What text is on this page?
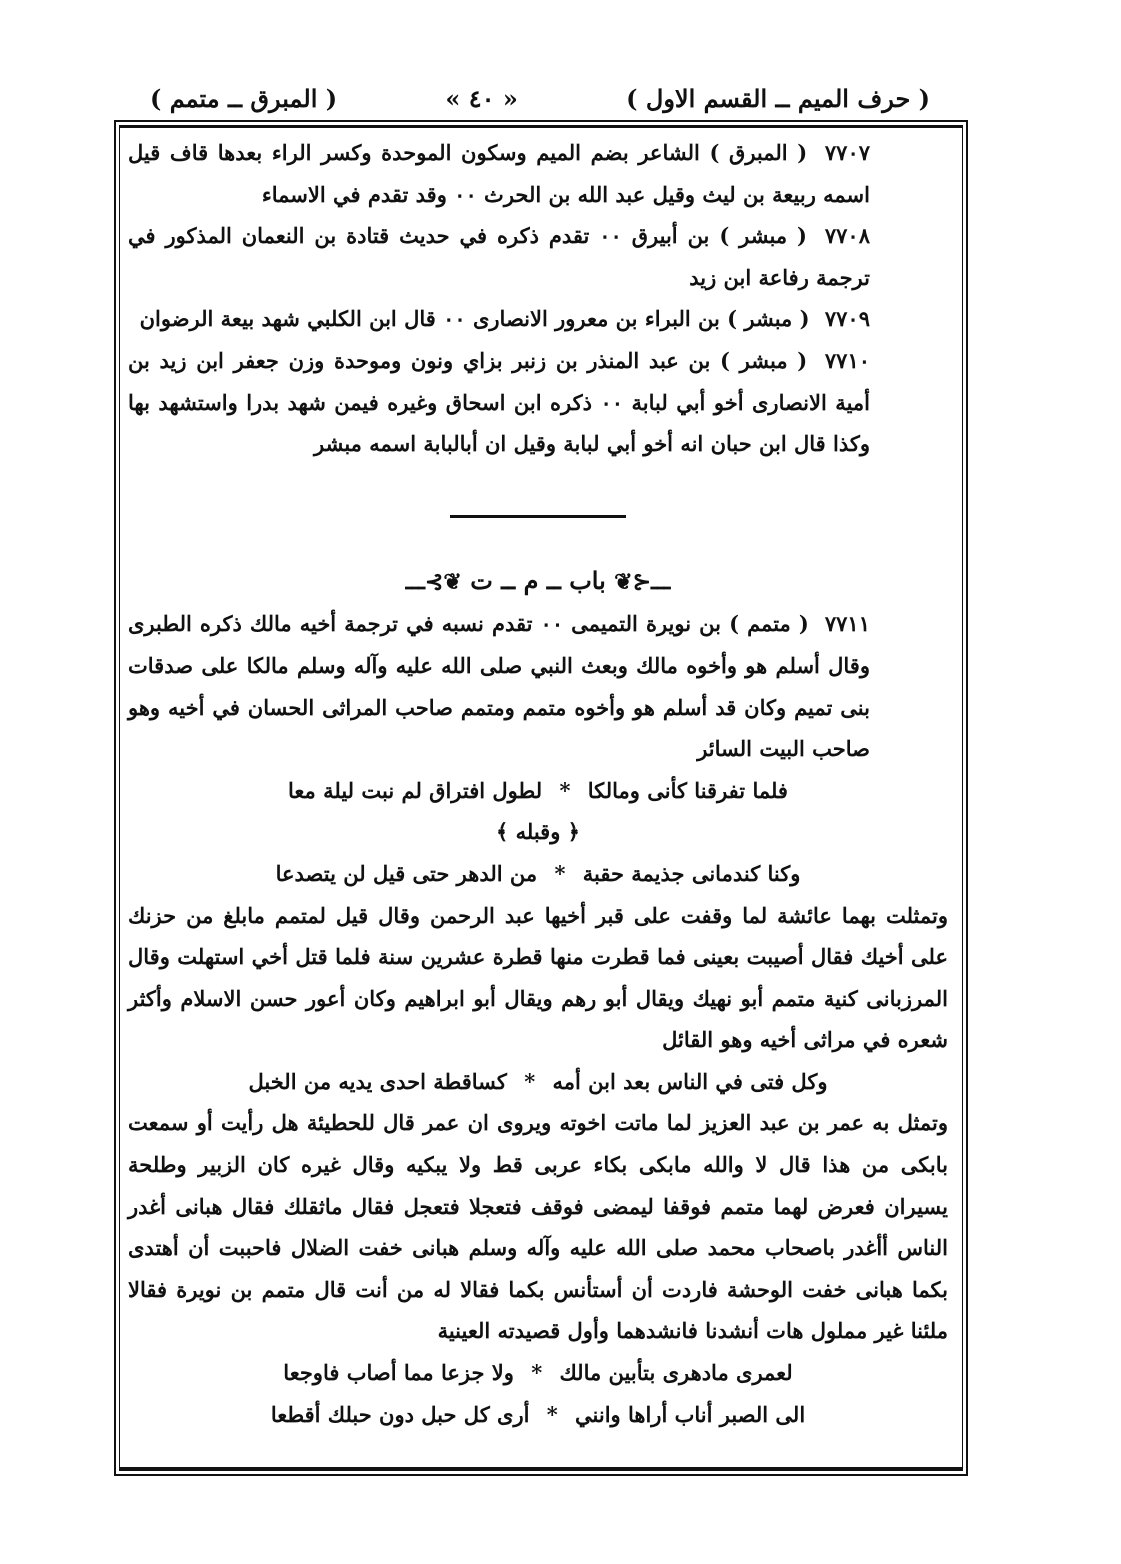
( حرف الميم ــ القسم الاول )
« ٤٠ »
( المبرق ــ متمم )

٧٧٠٧ ( المبرق ) الشاعر بضم الميم وسكون الموحدة وكسر الراء بعدها قاف قيل اسمه ربيعة بن ليث وقيل عبد الله بن الحرث ٠٠ وقد تقدم في الاسماء

٧٧٠٨ ( مبشر ) بن أبيرق ٠٠ تقدم ذكره في حديث قتادة بن النعمان المذكور في ترجمة رفاعة ابن زيد

٧٧٠٩ ( مبشر ) بن البراء بن معرور الانصارى ٠٠ قال ابن الكلبي شهد بيعة الرضوان

٧٧١٠ ( مبشر ) بن عبد المنذر بن زنبر بزاي ونون وموحدة وزن جعفر ابن زيد بن أمية الانصارى أخو أبي لبابة ٠٠ ذكره ابن اسحاق وغيره فيمن شهد بدرا واستشهد بها وكذا قال ابن حبان انه أخو أبي لبابة وقيل ان أبالبابة اسمه مبشر

ـــ⊰❦ باب ــ م ــ ت ❦⊱ـــ

٧٧١١ ( متمم ) بن نويرة التميمى ٠٠ تقدم نسبه في ترجمة أخيه مالك ذكره الطبرى وقال أسلم هو وأخوه مالك وبعث النبي صلى الله عليه وآله وسلم مالكا على صدقات بنى تميم وكان قد أسلم هو وأخوه متمم ومتمم صاحب المراثى الحسان في أخيه وهو صاحب البيت السائر

فلما تفرقنا كأنى ومالكا * لطول افتراق لم نبت ليلة معا

﴿ وقبله ﴾

وكنا كندمانى جذيمة حقبة * من الدهر حتى قيل لن يتصدعا

وتمثلت بهما عائشة لما وقفت على قبر أخيها عبد الرحمن وقال قيل لمتمم مابلغ من حزنك على أخيك فقال أصيبت بعينى فما قطرت منها قطرة عشرين سنة فلما قتل أخي استهلت وقال المرزبانى كنية متمم أبو نهيك ويقال أبو رهم ويقال أبو ابراهيم وكان أعور حسن الاسلام وأكثر شعره في مراثى أخيه وهو القائل

وكل فتى في الناس بعد ابن أمه * كساقطة احدى يديه من الخبل

وتمثل به عمر بن عبد العزيز لما ماتت اخوته ويروى ان عمر قال للحطيئة هل رأيت أو سمعت بابكى من هذا قال لا والله مابكى بكاء عربى قط ولا يبكيه وقال غيره كان الزبير وطلحة يسيران فعرض لهما متمم فوقفا ليمضى فوقف فتعجلا فتعجل فقال ماثقلك فقال هبانى أغدر الناس أأغدر باصحاب محمد صلى الله عليه وآله وسلم هبانى خفت الضلال فاحببت أن أهتدى بكما هبانى خفت الوحشة فاردت أن أستأنس بكما فقالا له من أنت قال متمم بن نويرة فقالا ملئنا غير مملول هات أنشدنا فانشدهما وأول قصيدته العينية

لعمرى مادهرى بتأبين مالك * ولا جزعا مما أصاب فاوجعا

الى الصبر أناب أراها وانني * أرى كل حبل دون حبلك أقطعا
